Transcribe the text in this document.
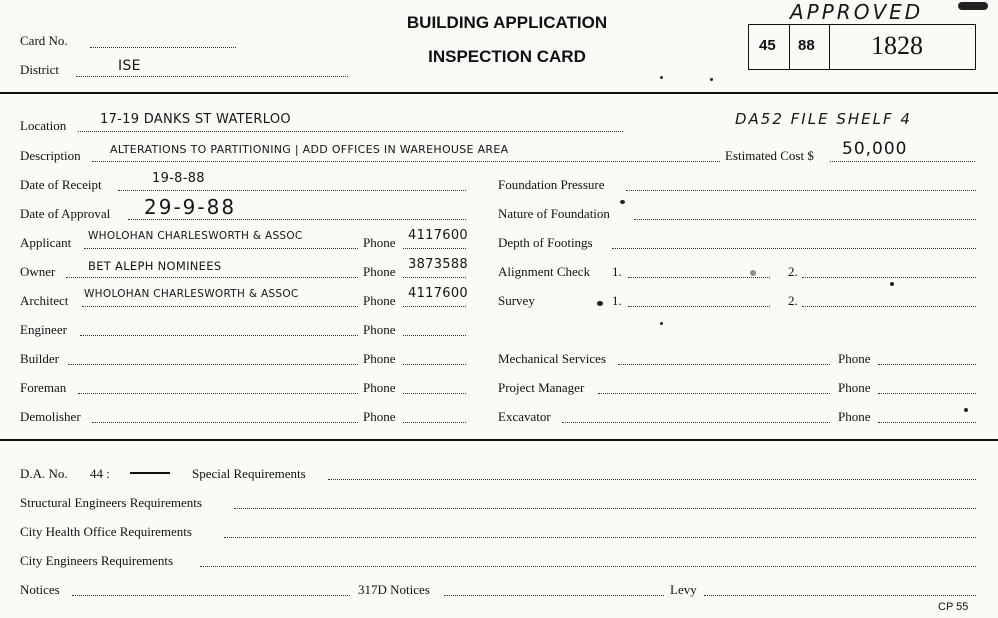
Card No.
District	ISE
BUILDING APPLICATION
INSPECTION CARD
APPROVED
45 88 1828
Location	17-19 DANKS ST WATERLOO	DA52 FILE SHELF 4
Description	ALTERATIONS TO PARTITIONING | ADD OFFICES IN WAREHOUSE AREA	Estimated Cost $ 50,000
Date of Receipt	19-8-88
Date of Approval 29-9-88
Applicant WHOLOHAN CHARLESWORTH & ASSOC	Phone 4117600
Owner	BET ALEPH NOMINEES	Phone 3873588
Architect WHOLOHAN CHARLESWORTH & ASSOC	Phone 4117600
Engineer	Phone
Builder	Phone
Foreman	Phone
Demolisher	Phone
Foundation Pressure
Nature of Foundation
Depth of Footings
Alignment Check 1.	2.
Survey	1.	2.
Mechanical Services	Phone
Project Manager	Phone
Excavator	Phone
D.A. No. 44 :	Special Requirements
Structural Engineers Requirements
City Health Office Requirements
City Engineers Requirements
Notices	317D Notices	Levy
CP 55
